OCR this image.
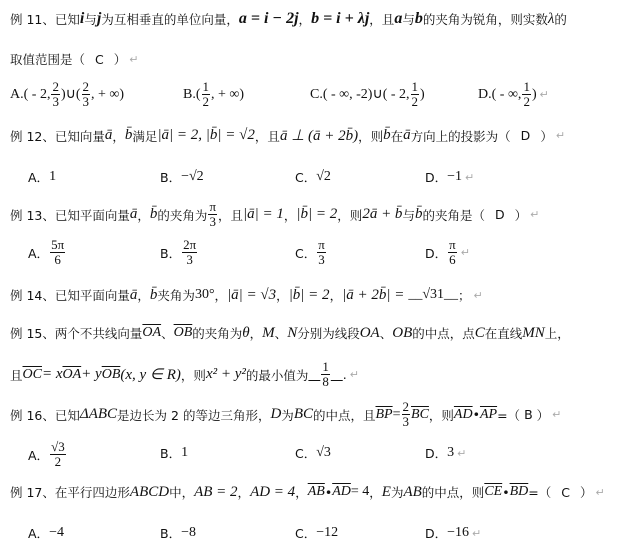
例 11、 已知 i 与 j 为互相垂直的单位向量， a = i − 2j ， b = i + λj ，且 a 与 b 的夹角为锐角，则实数 λ 的
取值范围是（ C ） ↵
A. ( - 2, $\frac{2}{3}$ )∪( $\frac{2}{3}$ , + ∞)	B. ( $\frac{1}{2}$ , + ∞)	C. ( - ∞, -2)∪( - 2, $\frac{1}{2}$ )	D. ( - ∞, $\frac{1}{2}$ ) ↵
例 12、 已知向量 ā ， b̄ 满足 |ā| = 2, |b̄| = √2 ，且 ā ⊥ (ā + 2b̄) ，则 b̄ 在 ā 方向上的投影为（ D ） ↵
A． 1	B． −√2	C． √2	D． −1 ↵
例 13、 已知平面向量 ā ， b̄ 的夹角为 $\frac{\pi}{3}$ ，且 |ā| = 1 ， |b̄| = 2 ，则 2ā + b̄ 与 b̄ 的夹角是（ D ） ↵
A． $\frac{5\pi}{6}$	B． $\frac{2\pi}{3}$	C． $\frac{\pi}{3}$	D． $\frac{\pi}{6}$ ↵
例 14、 已知平面向量 ā ， b̄ 夹角为 30° ， |ā| = √3 ， |b̄| = 2 ， |ā + 2b̄| = __√31__ ； ↵
例 15、 两个不共线向量 $\overline{OA}$ 、 $\overline{OB}$ 的夹角为 θ ， M 、 N 分别为线段 OA 、 OB 的中点，点 C 在直线 MN 上，
且 $\overline{OC} = x$ $\overline{OA} + y$ $\overline{OB}$ (x, y ∈ R) ，则 x² + y² 的最小值为
$\frac{1}{8}$
. ↵
例 16、 已知 ΔABC 是边长为 2 的等边三角形， D 为 BC 的中点，且 $\overline{BP} = \frac{2}{3} \overline{BC}$ ，则 $\overline{AD}$ • $\overline{AP}$ =（ B ） ↵
A． $\frac{√3}{2}$	B． 1	C． √3	D． 3 ↵
例 17、 在平行四边形 ABCD 中， AB = 2 ， AD = 4 ， $\overline{AB}$ • $\overline{AD} = 4$ ， E 为 AB 的中点，则 $\overline{CE}$ • $\overline{BD}$ =（ C ） ↵
A． −4	B． −8	C． −12	D． −16 ↵
